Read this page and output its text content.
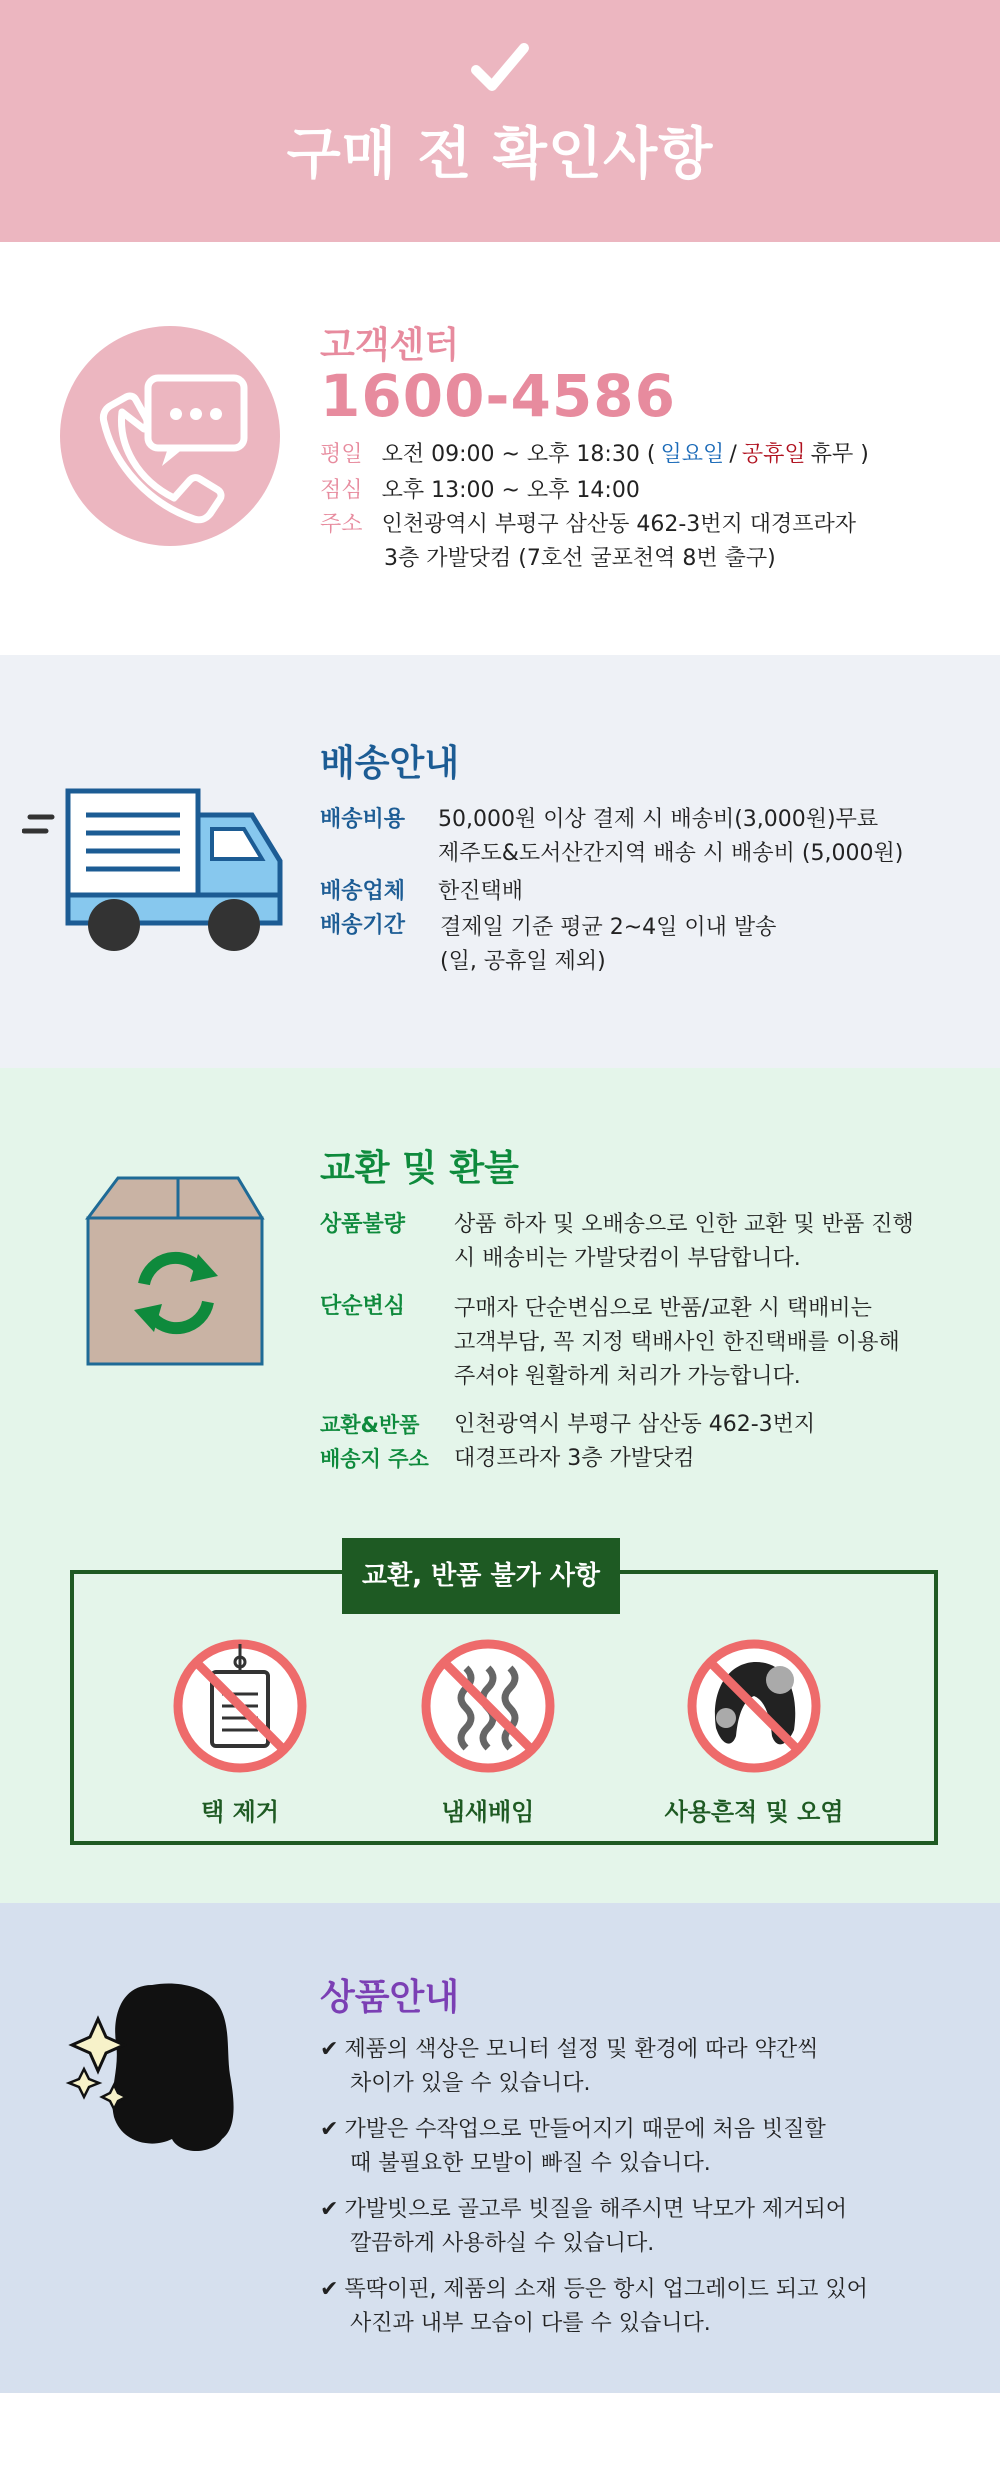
구매 전 확인사항
고객센터
1600-4586
평일 오전 09:00 ~ 오후 18:30 ( 일요일 / 공휴일 휴무 )
점심 오후 13:00 ~ 오후 14:00
주소 인천광역시 부평구 삼산동 462-3번지 대경프라자
3층 가발닷컴 (7호선 굴포천역 8번 출구)
배송안내
배송비용 50,000원 이상 결제 시 배송비(3,000원)무료
제주도&도서산간지역 배송 시 배송비 (5,000원)
배송업체 한진택배
배송기간 결제일 기준 평균 2~4일 이내 발송
(일, 공휴일 제외)
교환 및 환불
상품불량 상품 하자 및 오배송으로 인한 교환 및 반품 진행
시 배송비는 가발닷컴이 부담합니다.
단순변심 구매자 단순변심으로 반품/교환 시 택배비는
고객부담, 꼭 지정 택배사인 한진택배를 이용해
주셔야 원활하게 처리가 가능합니다.
교환&반품
배송지 주소
인천광역시 부평구 삼산동 462-3번지
대경프라자 3층 가발닷컴
교환, 반품 불가 사항
택 제거	냄새배임	사용흔적 및 오염
상품안내
✔ 제품의 색상은 모니터 설정 및 환경에 따라 약간씩
차이가 있을 수 있습니다.
✔ 가발은 수작업으로 만들어지기 때문에 처음 빗질할
때 불필요한 모발이 빠질 수 있습니다.
✔ 가발빗으로 골고루 빗질을 해주시면 낙모가 제거되어
깔끔하게 사용하실 수 있습니다.
✔ 똑딱이핀, 제품의 소재 등은 항시 업그레이드 되고 있어
사진과 내부 모습이 다를 수 있습니다.
